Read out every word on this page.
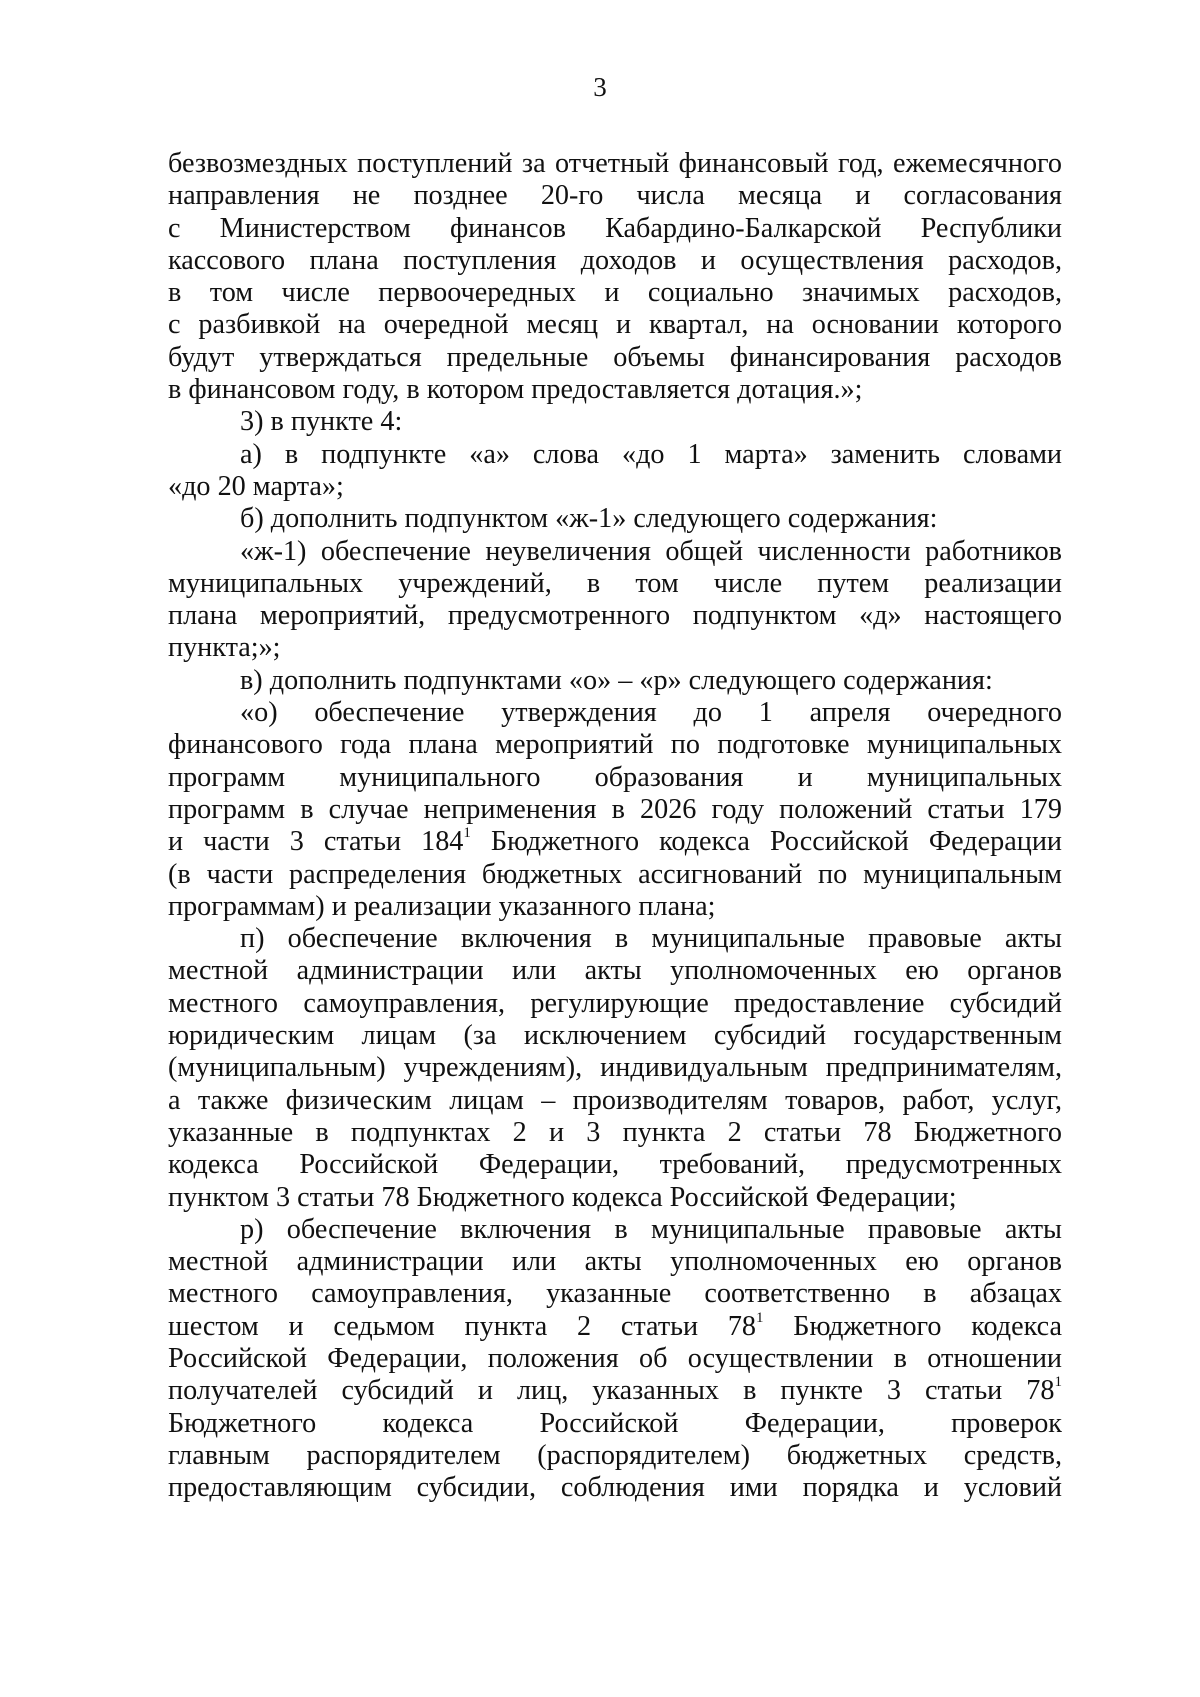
3
безвозмездных поступлений за отчетный финансовый год, ежемесячного
направления не позднее 20-го числа месяца и согласования
с Министерством финансов Кабардино-Балкарской Республики
кассового плана поступления доходов и осуществления расходов,
в том числе первоочередных и социально значимых расходов,
с разбивкой на очередной месяц и квартал, на основании которого
будут утверждаться предельные объемы финансирования расходов
в финансовом году, в котором предоставляется дотация.»;
3) в пункте 4:
а) в подпункте «а» слова «до 1 марта» заменить словами
«до 20 марта»;
б) дополнить подпунктом «ж-1» следующего содержания:
«ж-1) обеспечение неувеличения общей численности работников
муниципальных учреждений, в том числе путем реализации
плана мероприятий, предусмотренного подпунктом «д» настоящего
пункта;»;
в) дополнить подпунктами «о» – «р» следующего содержания:
«о) обеспечение утверждения до 1 апреля очередного
финансового года плана мероприятий по подготовке муниципальных
программ муниципального образования и муниципальных
программ в случае неприменения в 2026 году положений статьи 179
и части 3 статьи $184^1$ Бюджетного кодекса Российской Федерации
(в части распределения бюджетных ассигнований по муниципальным
программам) и реализации указанного плана;
п) обеспечение включения в муниципальные правовые акты
местной администрации или акты уполномоченных ею органов
местного самоуправления, регулирующие предоставление субсидий
юридическим лицам (за исключением субсидий государственным
(муниципальным) учреждениям), индивидуальным предпринимателям,
а также физическим лицам – производителям товаров, работ, услуг,
указанные в подпунктах 2 и 3 пункта 2 статьи 78 Бюджетного
кодекса Российской Федерации, требований, предусмотренных
пунктом 3 статьи 78 Бюджетного кодекса Российской Федерации;
р) обеспечение включения в муниципальные правовые акты
местной администрации или акты уполномоченных ею органов
местного самоуправления, указанные соответственно в абзацах
шестом и седьмом пункта 2 статьи $78^1$ Бюджетного кодекса
Российской Федерации, положения об осуществлении в отношении
получателей субсидий и лиц, указанных в пункте 3 статьи $78^1$
Бюджетного кодекса Российской Федерации, проверок
главным распорядителем (распорядителем) бюджетных средств,
предоставляющим субсидии, соблюдения ими порядка и условий
